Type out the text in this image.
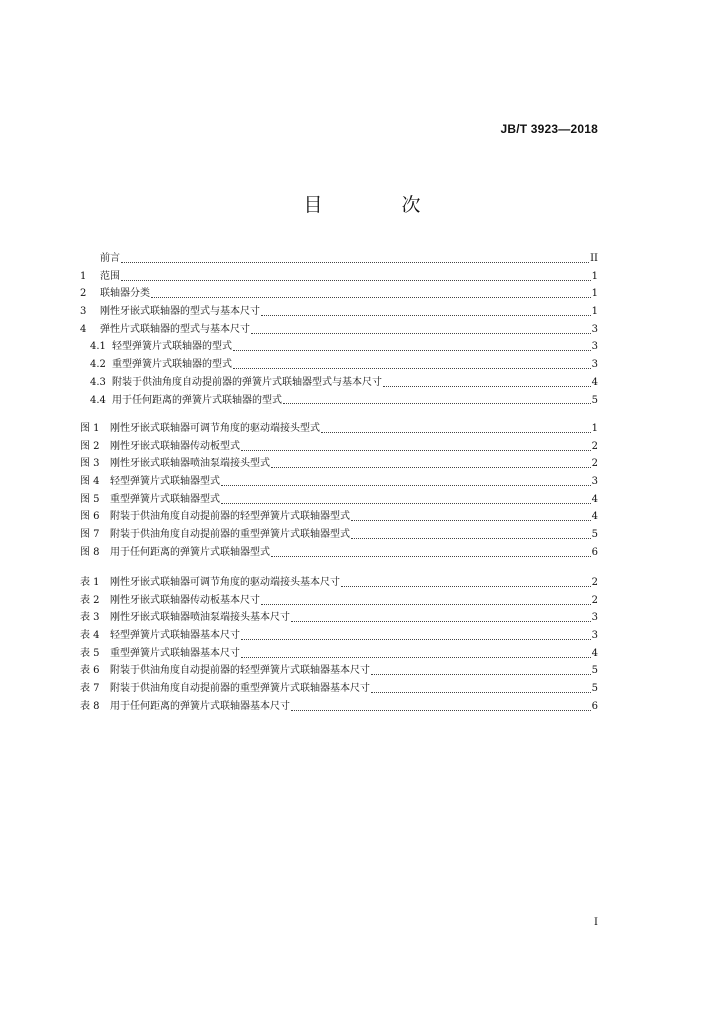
JB/T 3923—2018
目　次
前言	II
1	范围	1
2	联轴器分类	1
3	刚性牙嵌式联轴器的型式与基本尺寸	1
4	弹性片式联轴器的型式与基本尺寸	3
4.1 轻型弹簧片式联轴器的型式	3
4.2 重型弹簧片式联轴器的型式	3
4.3 附装于供油角度自动提前器的弹簧片式联轴器型式与基本尺寸	4
4.4 用于任何距离的弹簧片式联轴器的型式	5
图 1	刚性牙嵌式联轴器可调节角度的驱动端接头型式	1
图 2	刚性牙嵌式联轴器传动板型式	2
图 3	刚性牙嵌式联轴器喷油泵端接头型式	2
图 4	轻型弹簧片式联轴器型式	3
图 5	重型弹簧片式联轴器型式	4
图 6	附装于供油角度自动提前器的轻型弹簧片式联轴器型式	4
图 7	附装于供油角度自动提前器的重型弹簧片式联轴器型式	5
图 8	用于任何距离的弹簧片式联轴器型式	6
表 1	刚性牙嵌式联轴器可调节角度的驱动端接头基本尺寸	2
表 2	刚性牙嵌式联轴器传动板基本尺寸	2
表 3	刚性牙嵌式联轴器喷油泵端接头基本尺寸	3
表 4	轻型弹簧片式联轴器基本尺寸	3
表 5	重型弹簧片式联轴器基本尺寸	4
表 6	附装于供油角度自动提前器的轻型弹簧片式联轴器基本尺寸	5
表 7	附装于供油角度自动提前器的重型弹簧片式联轴器基本尺寸	5
表 8	用于任何距离的弹簧片式联轴器基本尺寸	6
I
